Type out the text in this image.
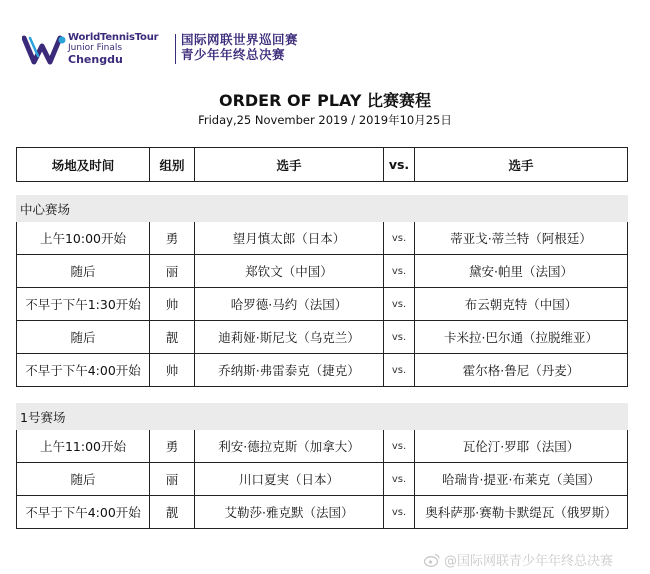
WorldTennisTour
Junior Finals
Chengdu
国际网联世界巡回赛
青少年年终总决赛
ORDER OF PLAY 比赛赛程
Friday,25 November 2019 / 2019年10月25日
场地及时间	组别	选手	vs.	选手
中心赛场
上午10:00开始	勇	望月慎太郎（日本）	vs.	蒂亚戈·蒂兰特（阿根廷）
随后	丽	郑钦文（中国）	vs.	黛安·帕里（法国）
不早于下午1:30开始	帅	哈罗德·马约（法国）	vs.	布云朝克特（中国）
随后	靓	迪莉娅·斯尼戈（乌克兰）	vs.	卡米拉·巴尔通（拉脱维亚）
不早于下午4:00开始	帅	乔纳斯·弗雷泰克（捷克）	vs.	霍尔格·鲁尼（丹麦）
1号赛场
上午11:00开始	勇	利安·德拉克斯（加拿大）	vs.	瓦伦汀·罗耶（法国）
随后	丽	川口夏実（日本）	vs.	哈瑞肯·提亚·布莱克（美国）
不早于下午4:00开始	靓	艾勒莎·雅克默（法国）	vs.	奥科萨那·赛勒卡默缇瓦（俄罗斯）
@国际网联青少年年终总决赛
